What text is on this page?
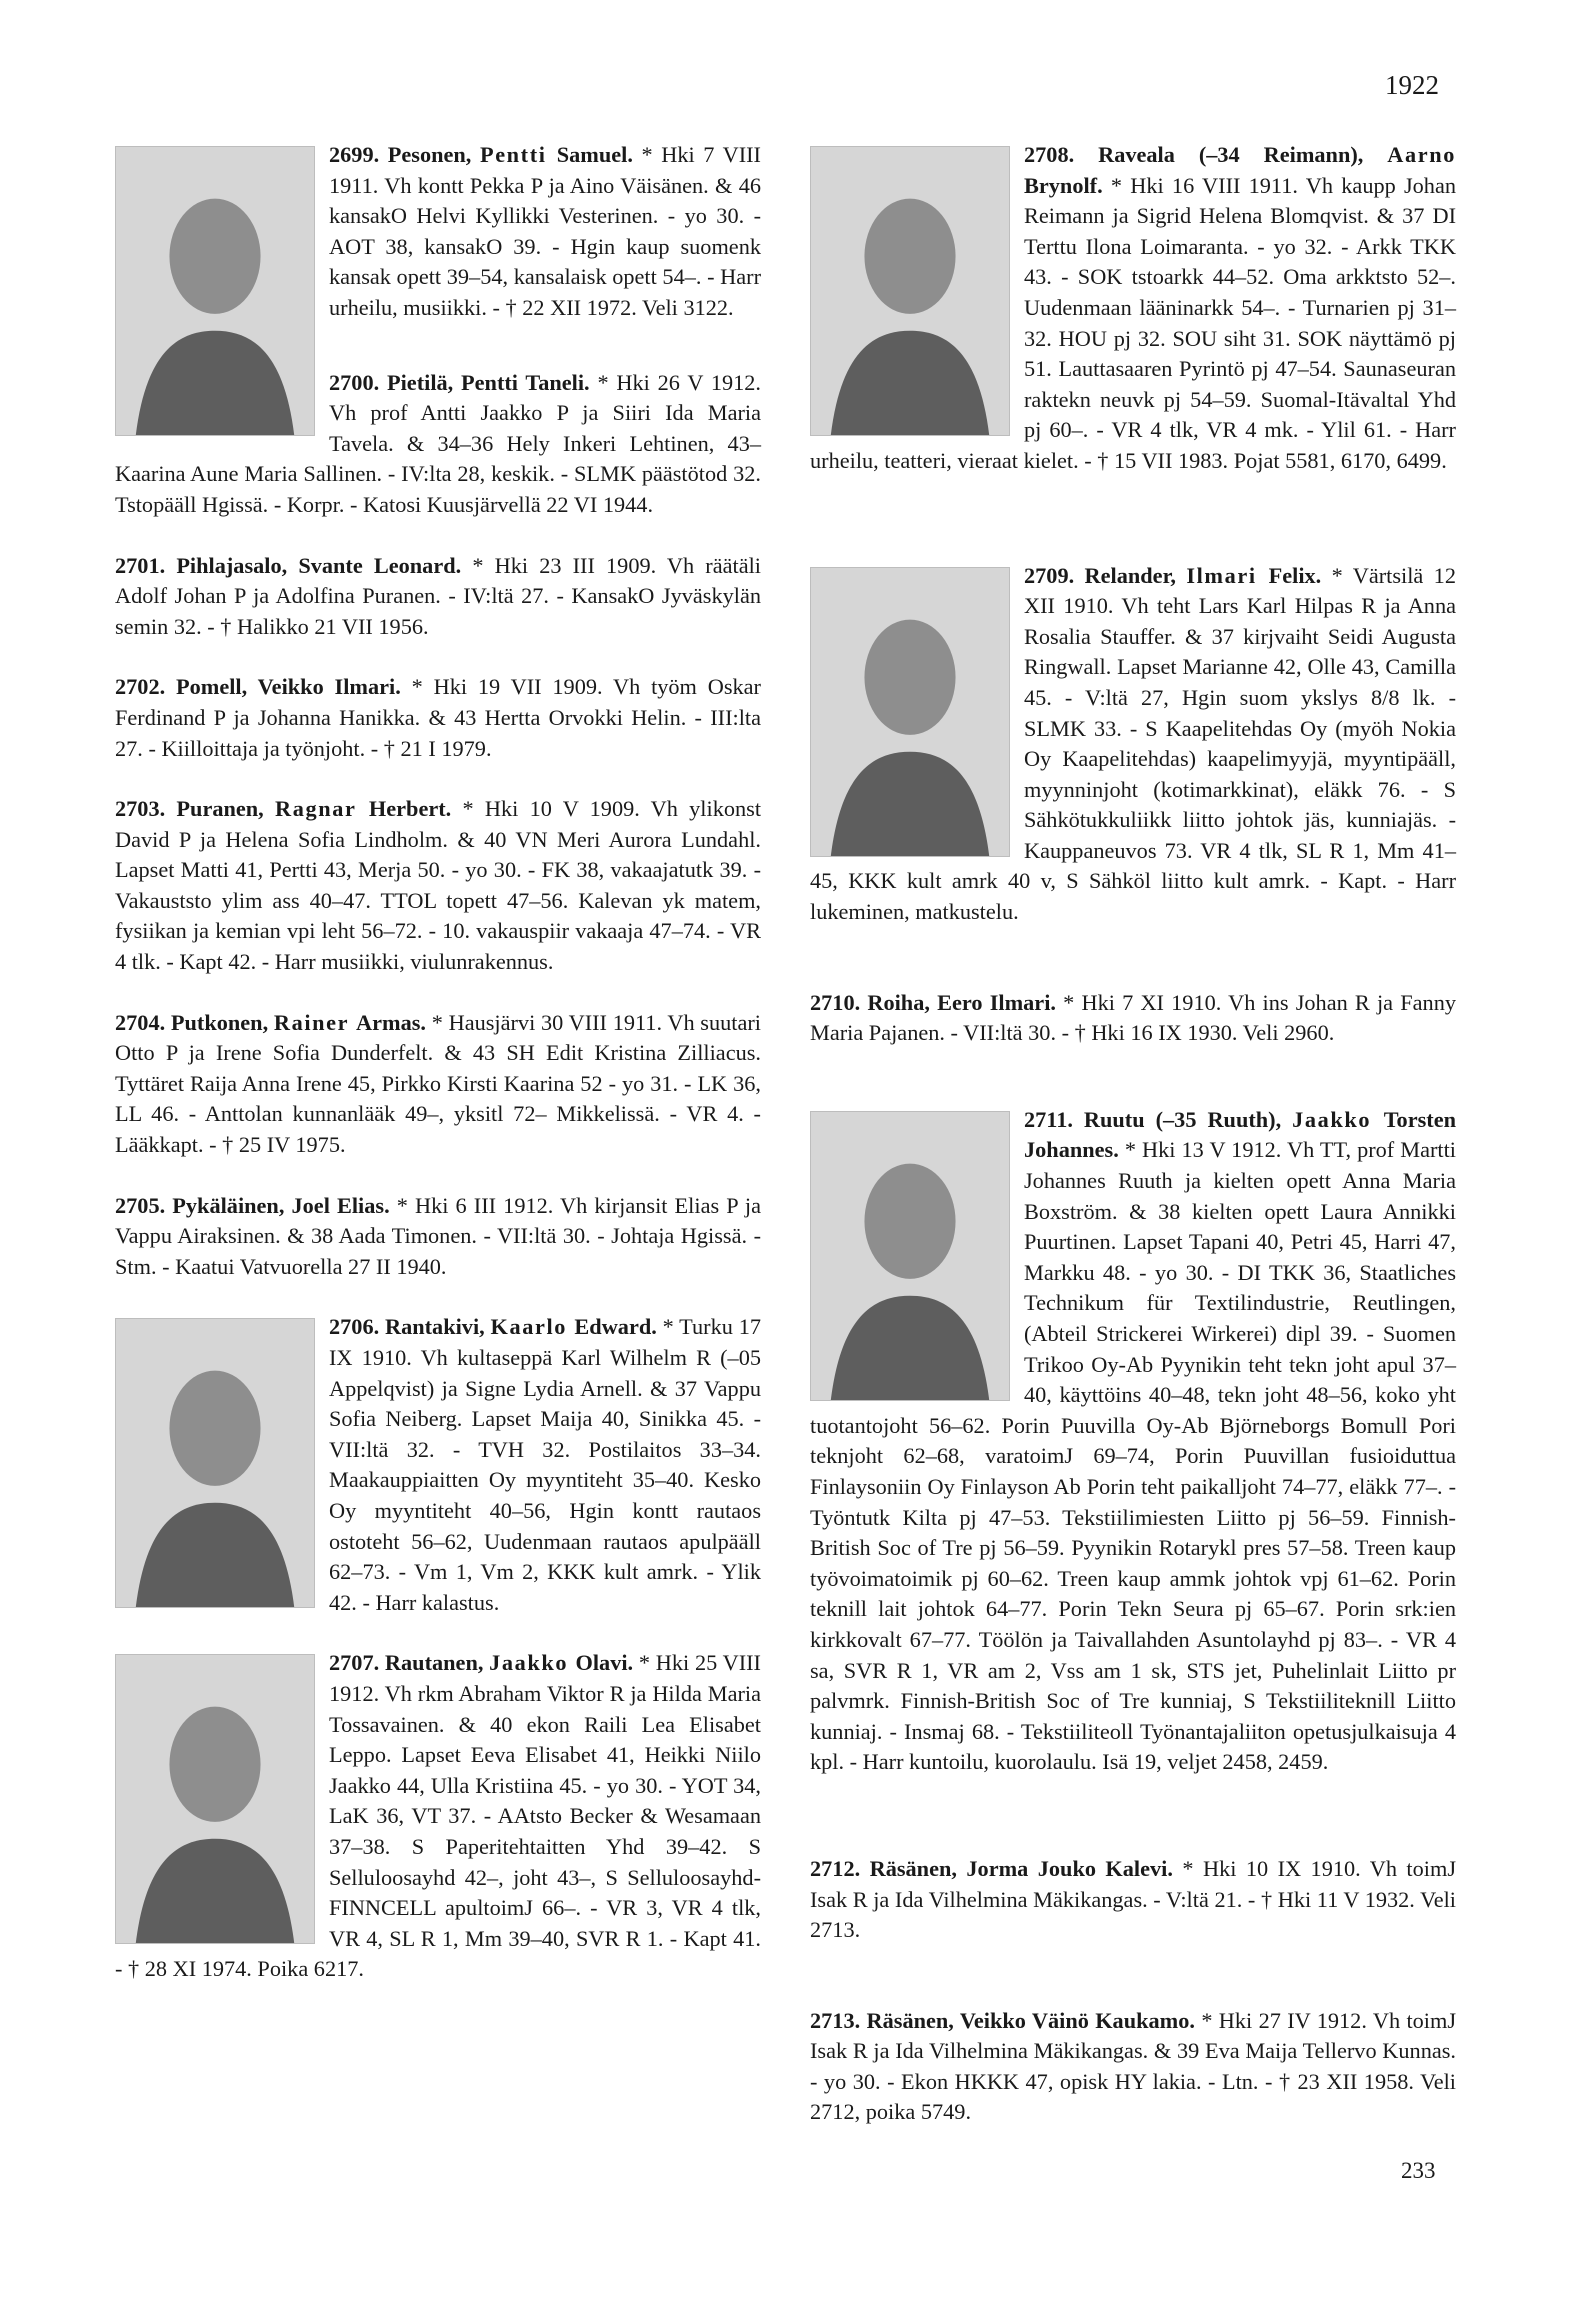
1922
2699. Pesonen, Pentti Samuel. * Hki 7 VIII 1911. Vh kontt Pekka P ja Aino Väisänen. & 46 kansakO Helvi Kyllikki Vesterinen. - yo 30. - AOT 38, kansakO 39. - Hgin kaup suomenk kansak opett 39–54, kansalaisk opett 54–. - Harr urheilu, musiikki. - † 22 XII 1972. Veli 3122.
2700. Pietilä, Pentti Taneli. * Hki 26 V 1912. Vh prof Antti Jaakko P ja Siiri Ida Maria Tavela. & 34–36 Hely Inkeri Lehtinen, 43– Kaarina Aune Maria Sallinen. - IV:lta 28, keskik. - SLMK päästötod 32. Tstopääll Hgissä. - Korpr. - Katosi Kuusjärvellä 22 VI 1944.
2701. Pihlajasalo, Svante Leonard. * Hki 23 III 1909. Vh räätäli Adolf Johan P ja Adolfina Puranen. - IV:ltä 27. - KansakO Jyväskylän semin 32. - † Halikko 21 VII 1956.
2702. Pomell, Veikko Ilmari. * Hki 19 VII 1909. Vh työm Oskar Ferdinand P ja Johanna Hanikka. & 43 Hertta Orvokki Helin. - III:lta 27. - Kiilloittaja ja työnjoht. - † 21 I 1979.
2703. Puranen, Ragnar Herbert. * Hki 10 V 1909. Vh ylikonst David P ja Helena Sofia Lindholm. & 40 VN Meri Aurora Lundahl. Lapset Matti 41, Pertti 43, Merja 50. - yo 30. - FK 38, vakaajatutk 39. - Vakauststo ylim ass 40–47. TTOL topett 47–56. Kalevan yk matem, fysiikan ja kemian vpi leht 56–72. - 10. vakauspiir vakaaja 47–74. - VR 4 tlk. - Kapt 42. - Harr musiikki, viulunrakennus.
2704. Putkonen, Rainer Armas. * Hausjärvi 30 VIII 1911. Vh suutari Otto P ja Irene Sofia Dunderfelt. & 43 SH Edit Kristina Zilliacus. Tyttäret Raija Anna Irene 45, Pirkko Kirsti Kaarina 52 - yo 31. - LK 36, LL 46. - Anttolan kunnanlääk 49–, yksitl 72– Mikkelissä. - VR 4. - Lääkkapt. - † 25 IV 1975.
2705. Pykäläinen, Joel Elias. * Hki 6 III 1912. Vh kirjansit Elias P ja Vappu Airaksinen. & 38 Aada Timonen. - VII:ltä 30. - Johtaja Hgissä. - Stm. - Kaatui Vatvuorella 27 II 1940.
2706. Rantakivi, Kaarlo Edward. * Turku 17 IX 1910. Vh kultaseppä Karl Wilhelm R (–05 Appelqvist) ja Signe Lydia Arnell. & 37 Vappu Sofia Neiberg. Lapset Maija 40, Sinikka 45. - VII:ltä 32. - TVH 32. Postilaitos 33–34. Maakauppiaitten Oy myyntiteht 35–40. Kesko Oy myyntiteht 40–56, Hgin kontt rautaos ostoteht 56–62, Uudenmaan rautaos apulpääll 62–73. - Vm 1, Vm 2, KKK kult amrk. - Ylik 42. - Harr kalastus.
2707. Rautanen, Jaakko Olavi. * Hki 25 VIII 1912. Vh rkm Abraham Viktor R ja Hilda Maria Tossavainen. & 40 ekon Raili Lea Elisabet Leppo. Lapset Eeva Elisabet 41, Heikki Niilo Jaakko 44, Ulla Kristiina 45. - yo 30. - YOT 34, LaK 36, VT 37. - AAtsto Becker & Wesamaan 37–38. S Paperitehtaitten Yhd 39–42. S Selluloosayhd 42–, joht 43–, S Selluloosayhd-FINNCELL apultoimJ 66–. - VR 3, VR 4 tlk, VR 4, SL R 1, Mm 39–40, SVR R 1. - Kapt 41. - † 28 XI 1974. Poika 6217.
2708. Raveala (–34 Reimann), Aarno Brynolf. * Hki 16 VIII 1911. Vh kaupp Johan Reimann ja Sigrid Helena Blomqvist. & 37 DI Terttu Ilona Loimaranta. - yo 32. - Arkk TKK 43. - SOK tstoarkk 44–52. Oma arkktsto 52–. Uudenmaan lääninarkk 54–. - Turnarien pj 31–32. HOU pj 32. SOU siht 31. SOK näyttämö pj 51. Lauttasaaren Pyrintö pj 47–54. Saunaseuran raktekn neuvk pj 54–59. Suomal-Itävaltal Yhd pj 60–. - VR 4 tlk, VR 4 mk. - Ylil 61. - Harr urheilu, teatteri, vieraat kielet. - † 15 VII 1983. Pojat 5581, 6170, 6499.
2709. Relander, Ilmari Felix. * Värtsilä 12 XII 1910. Vh teht Lars Karl Hilpas R ja Anna Rosalia Stauffer. & 37 kirjvaiht Seidi Augusta Ringwall. Lapset Marianne 42, Olle 43, Camilla 45. - V:ltä 27, Hgin suom ykslys 8/8 lk. - SLMK 33. - S Kaapelitehdas Oy (myöh Nokia Oy Kaapelitehdas) kaapelimyyjä, myyntipääll, myynninjoht (kotimarkkinat), eläkk 76. - S Sähkötukkuliikk liitto johtok jäs, kunniajäs. - Kauppaneuvos 73. VR 4 tlk, SL R 1, Mm 41–45, KKK kult amrk 40 v, S Sähköl liitto kult amrk. - Kapt. - Harr lukeminen, matkustelu.
2710. Roiha, Eero Ilmari. * Hki 7 XI 1910. Vh ins Johan R ja Fanny Maria Pajanen. - VII:ltä 30. - † Hki 16 IX 1930. Veli 2960.
2711. Ruutu (–35 Ruuth), Jaakko Torsten Johannes. * Hki 13 V 1912. Vh TT, prof Martti Johannes Ruuth ja kielten opett Anna Maria Boxström. & 38 kielten opett Laura Annikki Puurtinen. Lapset Tapani 40, Petri 45, Harri 47, Markku 48. - yo 30. - DI TKK 36, Staatliches Technikum für Textilindustrie, Reutlingen, (Abteil Strickerei Wirkerei) dipl 39. - Suomen Trikoo Oy-Ab Pyynikin teht tekn joht apul 37–40, käyttöins 40–48, tekn joht 48–56, koko yht tuotantojoht 56–62. Porin Puuvilla Oy-Ab Björneborgs Bomull Pori teknjoht 62–68, varatoimJ 69–74, Porin Puuvillan fusioiduttua Finlaysoniin Oy Finlayson Ab Porin teht paikalljoht 74–77, eläkk 77–. - Työntutk Kilta pj 47–53. Tekstiilimiesten Liitto pj 56–59. Finnish-British Soc of Tre pj 56–59. Pyynikin Rotarykl pres 57–58. Treen kaup työvoimatoimik pj 60–62. Treen kaup ammk johtok vpj 61–62. Porin teknill lait johtok 64–77. Porin Tekn Seura pj 65–67. Porin srk:ien kirkkovalt 67–77. Töölön ja Taivallahden Asuntolayhd pj 83–. - VR 4 sa, SVR R 1, VR am 2, Vss am 1 sk, STS jet, Puhelinlait Liitto pr palvmrk. Finnish-British Soc of Tre kunniaj, S Tekstiiliteknill Liitto kunniaj. - Insmaj 68. - Tekstiiliteoll Työnantajaliiton opetusjulkaisuja 4 kpl. - Harr kuntoilu, kuorolaulu. Isä 19, veljet 2458, 2459.
2712. Räsänen, Jorma Jouko Kalevi. * Hki 10 IX 1910. Vh toimJ Isak R ja Ida Vilhelmina Mäkikangas. - V:ltä 21. - † Hki 11 V 1932. Veli 2713.
2713. Räsänen, Veikko Väinö Kaukamo. * Hki 27 IV 1912. Vh toimJ Isak R ja Ida Vilhelmina Mäkikangas. & 39 Eva Maija Tellervo Kunnas. - yo 30. - Ekon HKKK 47, opisk HY lakia. - Ltn. - † 23 XII 1958. Veli 2712, poika 5749.
233
